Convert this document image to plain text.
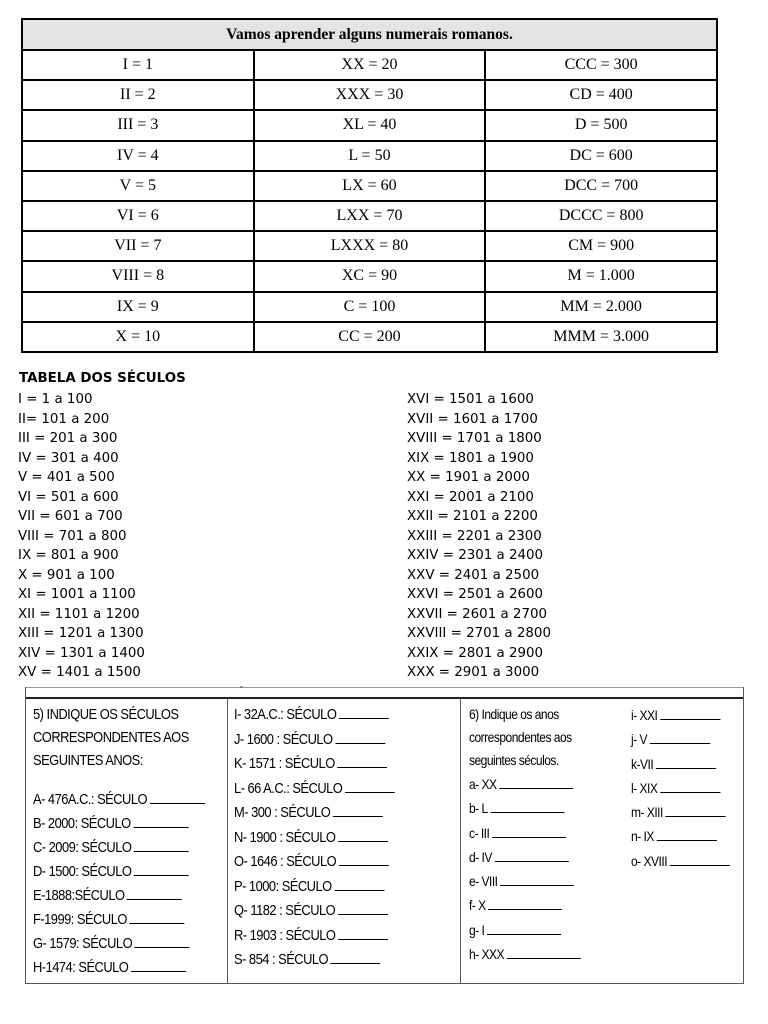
Vamos aprender alguns numerais romanos.		
I = 1	XX = 20	CCC = 300
II = 2	XXX = 30	CD = 400
III = 3	XL = 40	D = 500
IV = 4	L = 50	DC = 600
V = 5	LX = 60	DCC = 700
VI = 6	LXX = 70	DCCC = 800
VII = 7	LXXX = 80	CM = 900
VIII = 8	XC = 90	M = 1.000
IX = 9	C = 100	MM = 2.000
X = 10	CC = 200	MMM = 3.000
TABELA DOS SÉCULOS
I = 1 a 100
II= 101 a 200
III = 201 a 300
IV = 301 a 400
V = 401 a 500
VI = 501 a 600
VII = 601 a 700
VIII = 701 a 800
IX = 801 a 900
X = 901 a 100
XI = 1001 a 1100
XII = 1101 a 1200
XIII = 1201 a 1300
XIV = 1301 a 1400
XV = 1401 a 1500
XVI = 1501 a 1600
XVII = 1601 a 1700
XVIII = 1701 a 1800
XIX = 1801 a 1900
XX = 1901 a 2000
XXI = 2001 a 2100
XXII = 2101 a 2200
XXIII = 2201 a 2300
XXIV = 2301 a 2400
XXV = 2401 a 2500
XXVI = 2501 a 2600
XXVII = 2601 a 2700
XXVIII = 2701 a 2800
XXIX = 2801 a 2900
XXX = 2901 a 3000
ˇ
5) INDIQUE OS SÉCULOS
CORRESPONDENTES AOS
SEGUINTES ANOS:
A- 476A.C.: SÉCULO
B- 2000: SÉCULO
C- 2009: SÉCULO
D- 1500: SÉCULO
E-1888:SÉCULO
F-1999: SÉCULO
G- 1579: SÉCULO
H-1474: SÉCULO
I- 32A.C.: SÉCULO
J- 1600 : SÉCULO
K- 1571 : SÉCULO
L- 66 A.C.: SÉCULO
M- 300 : SÉCULO
N- 1900 : SÉCULO
O- 1646 : SÉCULO
P- 1000: SÉCULO
Q- 1182 : SÉCULO
R- 1903 : SÉCULO
S- 854 : SÉCULO
6) Indique os anos
correspondentes aos
seguintes séculos.
a- XX
b- L
c- III
d- IV
e- VIII
f- X
g- I
h- XXX
i- XXI
j- V
k-VII
l- XIX
m- XIII
n- IX
o- XVIII
